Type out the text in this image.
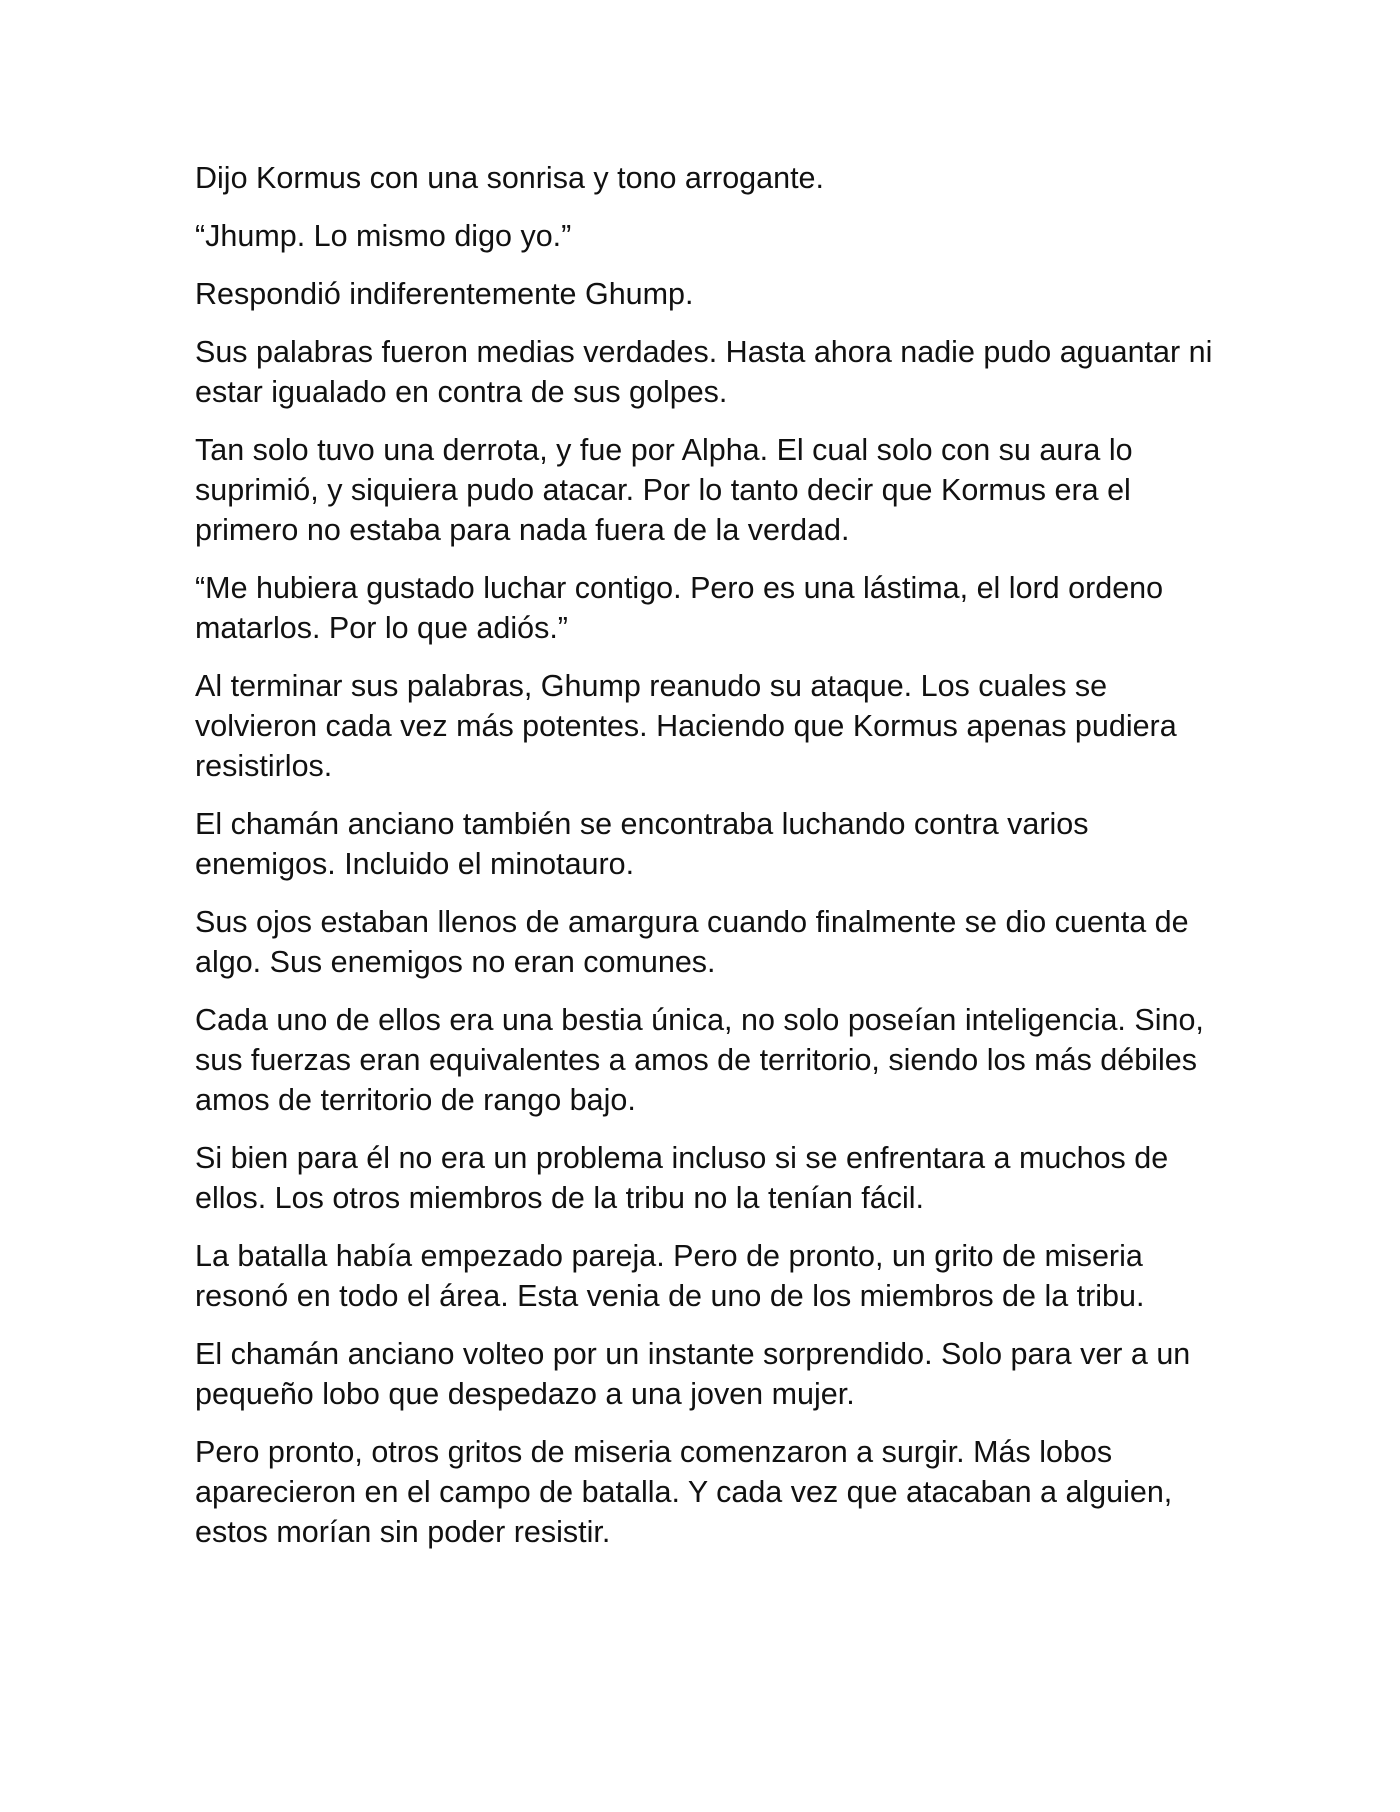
Dijo Kormus con una sonrisa y tono arrogante.

“Jhump. Lo mismo digo yo.”

Respondió indiferentemente Ghump.

Sus palabras fueron medias verdades. Hasta ahora nadie pudo aguantar ni estar igualado en contra de sus golpes.

Tan solo tuvo una derrota, y fue por Alpha. El cual solo con su aura lo suprimió, y siquiera pudo atacar. Por lo tanto decir que Kormus era el primero no estaba para nada fuera de la verdad.

“Me hubiera gustado luchar contigo. Pero es una lástima, el lord ordeno matarlos. Por lo que adiós.”

Al terminar sus palabras, Ghump reanudo su ataque. Los cuales se volvieron cada vez más potentes. Haciendo que Kormus apenas pudiera resistirlos.

El chamán anciano también se encontraba luchando contra varios enemigos. Incluido el minotauro.

Sus ojos estaban llenos de amargura cuando finalmente se dio cuenta de algo. Sus enemigos no eran comunes.

Cada uno de ellos era una bestia única, no solo poseían inteligencia. Sino, sus fuerzas eran equivalentes a amos de territorio, siendo los más débiles amos de territorio de rango bajo.

Si bien para él no era un problema incluso si se enfrentara a muchos de ellos. Los otros miembros de la tribu no la tenían fácil.

La batalla había empezado pareja. Pero de pronto, un grito de miseria resonó en todo el área. Esta venia de uno de los miembros de la tribu.

El chamán anciano volteo por un instante sorprendido. Solo para ver a un pequeño lobo que despedazo a una joven mujer.

Pero pronto, otros gritos de miseria comenzaron a surgir. Más lobos aparecieron en el campo de batalla. Y cada vez que atacaban a alguien, estos morían sin poder resistir.
